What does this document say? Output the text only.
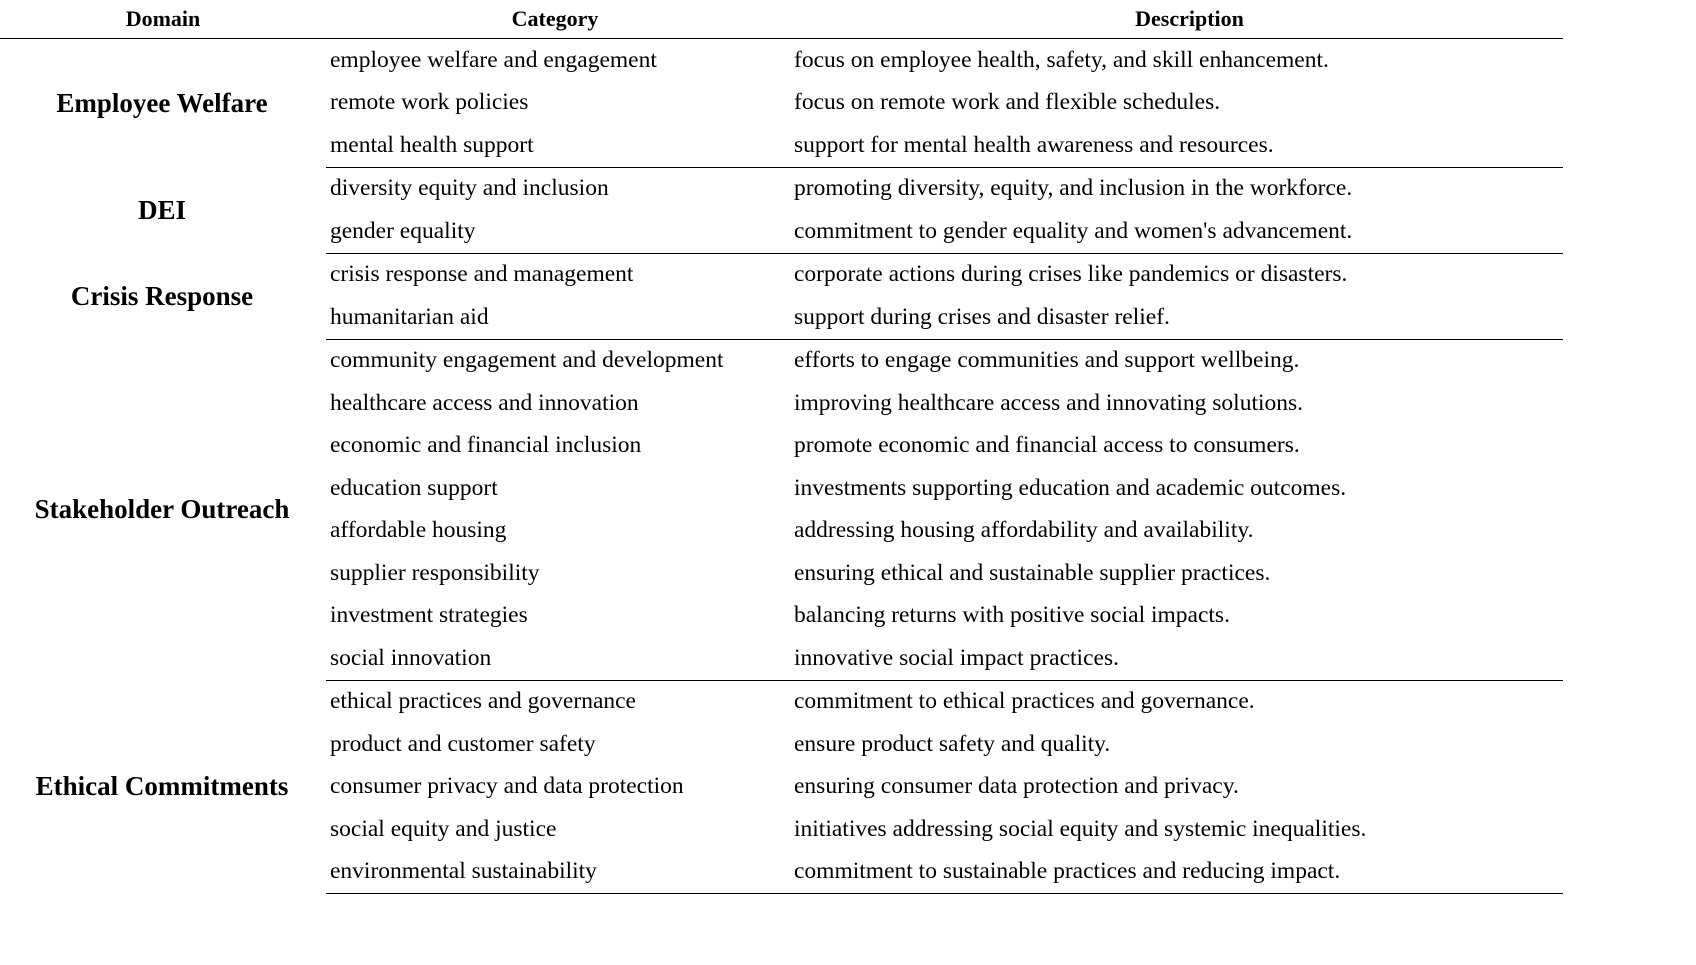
Domain	Category	Description
Employee Welfare	employee welfare and engagement	focus on employee health, safety, and skill enhancement.
	remote work policies	focus on remote work and flexible schedules.
	mental health support	support for mental health awareness and resources.
DEI	diversity equity and inclusion	promoting diversity, equity, and inclusion in the workforce.
	gender equality	commitment to gender equality and women's advancement.
Crisis Response	crisis response and management	corporate actions during crises like pandemics or disasters.
	humanitarian aid	support during crises and disaster relief.
Stakeholder Outreach	community engagement and development	efforts to engage communities and support wellbeing.
	healthcare access and innovation	improving healthcare access and innovating solutions.
	economic and financial inclusion	promote economic and financial access to consumers.
	education support	investments supporting education and academic outcomes.
	affordable housing	addressing housing affordability and availability.
	supplier responsibility	ensuring ethical and sustainable supplier practices.
	investment strategies	balancing returns with positive social impacts.
	social innovation	innovative social impact practices.
Ethical Commitments	ethical practices and governance	commitment to ethical practices and governance.
	product and customer safety	ensure product safety and quality.
	consumer privacy and data protection	ensuring consumer data protection and privacy.
	social equity and justice	initiatives addressing social equity and systemic inequalities.
	environmental sustainability	commitment to sustainable practices and reducing impact.
